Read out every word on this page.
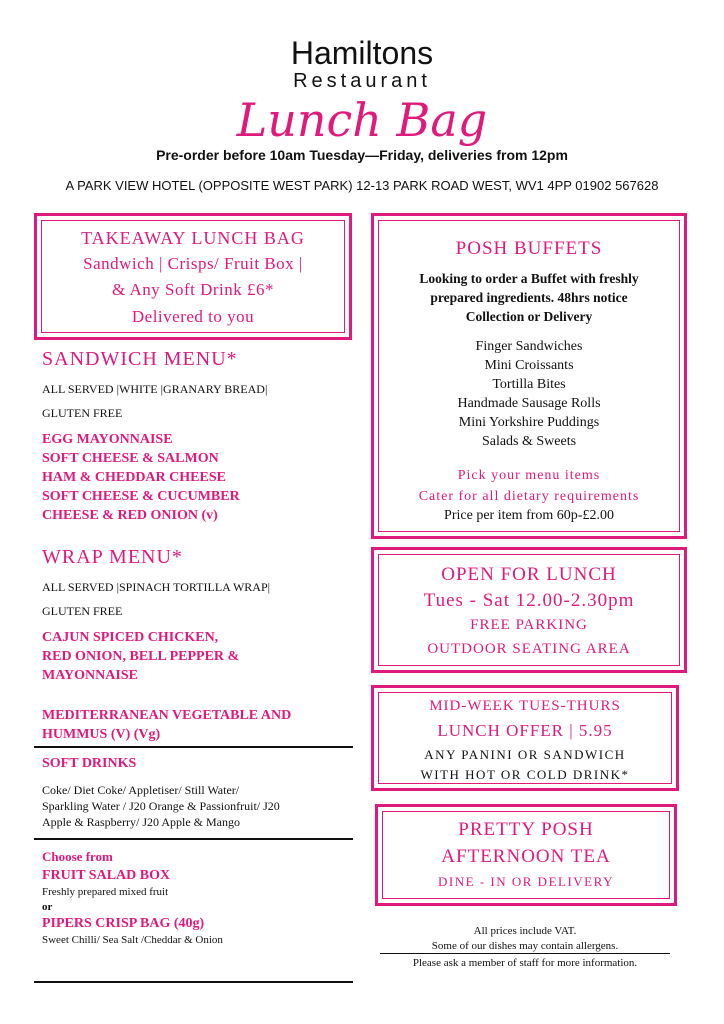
Hamiltons
Restaurant
Lunch Bag
Pre-order before 10am Tuesday—Friday, deliveries from 12pm
A PARK VIEW HOTEL (OPPOSITE WEST PARK) 12-13 PARK ROAD WEST, WV1 4PP 01902 567628
TAKEAWAY LUNCH BAG
Sandwich | Crisps/ Fruit Box |
& Any Soft Drink £6*
Delivered to you
SANDWICH MENU*
ALL SERVED |WHITE |GRANARY BREAD|
GLUTEN FREE
EGG MAYONNAISE
SOFT CHEESE & SALMON
HAM & CHEDDAR CHEESE
SOFT CHEESE & CUCUMBER
CHEESE & RED ONION (v)
WRAP MENU*
ALL SERVED |SPINACH TORTILLA WRAP|
GLUTEN FREE
CAJUN SPICED CHICKEN,
RED ONION, BELL PEPPER &
MAYONNAISE
MEDITERRANEAN VEGETABLE AND
HUMMUS (V) (Vg)
SOFT DRINKS
Coke/ Diet Coke/ Appletiser/ Still Water/
Sparkling Water / J20 Orange & Passionfruit/ J20
Apple & Raspberry/ J20 Apple & Mango
Choose from
FRUIT SALAD BOX
Freshly prepared mixed fruit
or
PIPERS CRISP BAG (40g)
Sweet Chilli/ Sea Salt /Cheddar & Onion
POSH BUFFETS
Looking to order a Buffet with freshly
prepared ingredients. 48hrs notice
Collection or Delivery
Finger Sandwiches
Mini Croissants
Tortilla Bites
Handmade Sausage Rolls
Mini Yorkshire Puddings
Salads & Sweets
Pick your menu items
Cater for all dietary requirements
Price per item from 60p-£2.00
OPEN FOR LUNCH
Tues - Sat 12.00-2.30pm
FREE PARKING
OUTDOOR SEATING AREA
MID-WEEK TUES-THURS
LUNCH OFFER | 5.95
ANY PANINI OR SANDWICH
WITH HOT OR COLD DRINK*
PRETTY POSH
AFTERNOON TEA
DINE - IN OR DELIVERY
All prices include VAT.
Some of our dishes may contain allergens.
Please ask a member of staff for more information.
